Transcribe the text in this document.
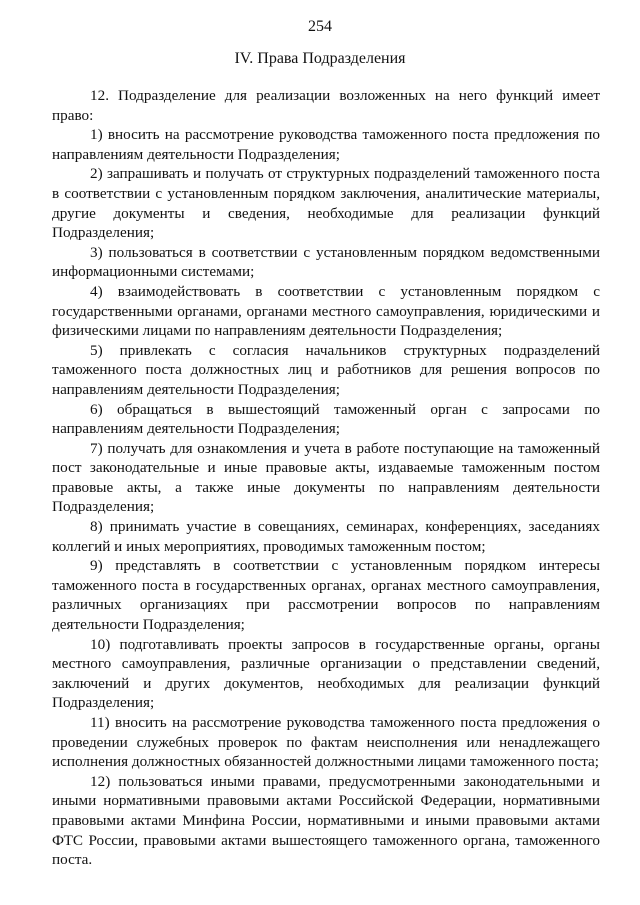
254
IV. Права Подразделения

12. Подразделение для реализации возложенных на него функций имеет право:

1) вносить на рассмотрение руководства таможенного поста предложения по направлениям деятельности Подразделения;

2) запрашивать и получать от структурных подразделений таможенного поста в соответствии с установленным порядком заключения, аналитические материалы, другие документы и сведения, необходимые для реализации функций Подразделения;

3) пользоваться в соответствии с установленным порядком ведомственными информационными системами;

4) взаимодействовать в соответствии с установленным порядком с государственными органами, органами местного самоуправления, юридическими и физическими лицами по направлениям деятельности Подразделения;

5) привлекать с согласия начальников структурных подразделений таможенного поста должностных лиц и работников для решения вопросов по направлениям деятельности Подразделения;

6) обращаться в вышестоящий таможенный орган с запросами по направлениям деятельности Подразделения;

7) получать для ознакомления и учета в работе поступающие на таможенный пост законодательные и иные правовые акты, издаваемые таможенным постом правовые акты, а также иные документы по направлениям деятельности Подразделения;

8) принимать участие в совещаниях, семинарах, конференциях, заседаниях коллегий и иных мероприятиях, проводимых таможенным постом;

9) представлять в соответствии с установленным порядком интересы таможенного поста в государственных органах, органах местного самоуправления, различных организациях при рассмотрении вопросов по направлениям деятельности Подразделения;

10) подготавливать проекты запросов в государственные органы, органы местного самоуправления, различные организации о представлении сведений, заключений и других документов, необходимых для реализации функций Подразделения;

11) вносить на рассмотрение руководства таможенного поста предложения о проведении служебных проверок по фактам неисполнения или ненадлежащего исполнения должностных обязанностей должностными лицами таможенного поста;

12) пользоваться иными правами, предусмотренными законодательными и иными нормативными правовыми актами Российской Федерации, нормативными правовыми актами Минфина России, нормативными и иными правовыми актами ФТС России, правовыми актами вышестоящего таможенного органа, таможенного поста.
